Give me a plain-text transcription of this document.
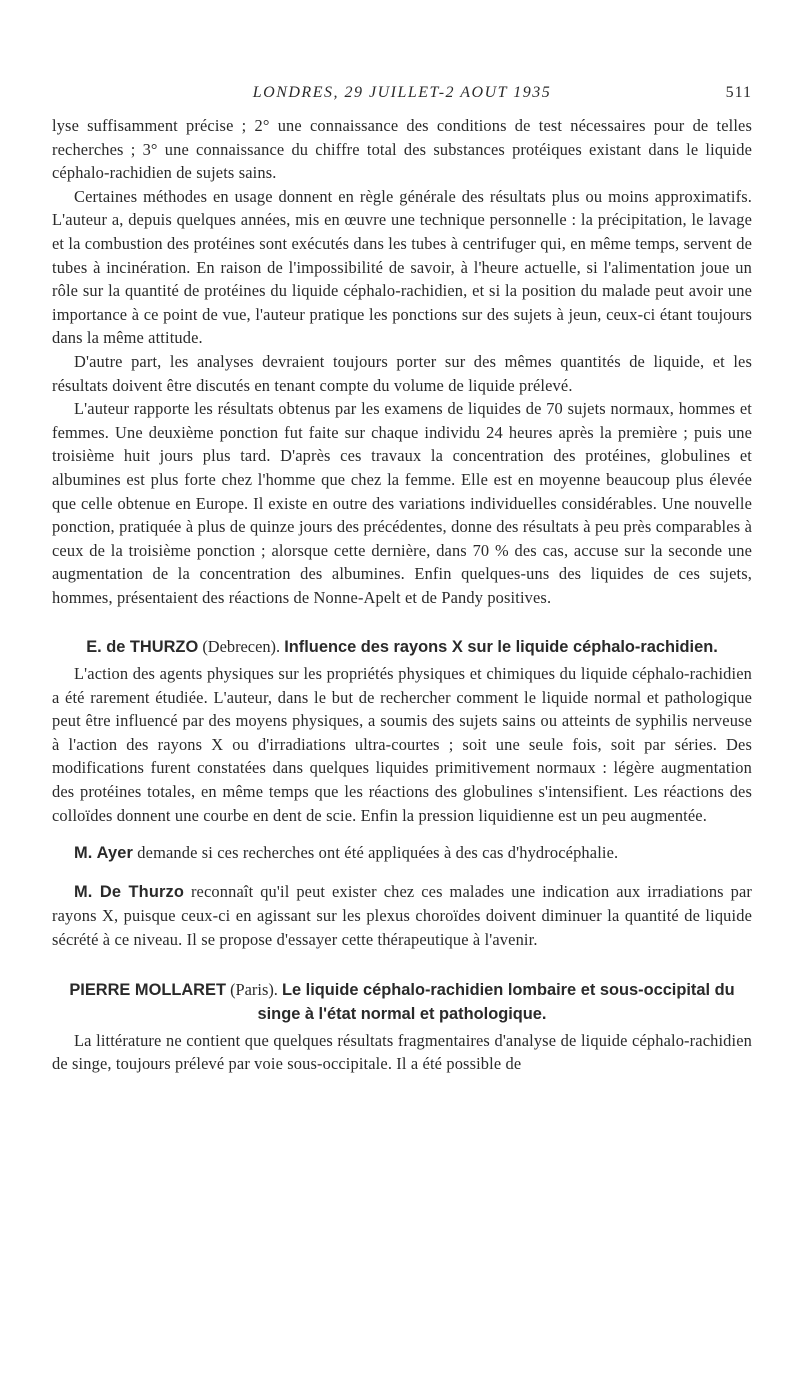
LONDRES, 29 JUILLET-2 AOUT 1935	511

lyse suffisamment précise ; 2° une connaissance des conditions de test nécessaires pour de telles recherches ; 3° une connaissance du chiffre total des substances protéiques existant dans le liquide céphalo-rachidien de sujets sains.

Certaines méthodes en usage donnent en règle générale des résultats plus ou moins approximatifs. L'auteur a, depuis quelques années, mis en œuvre une technique personnelle : la précipitation, le lavage et la combustion des protéines sont exécutés dans les tubes à centrifuger qui, en même temps, servent de tubes à incinération. En raison de l'impossibilité de savoir, à l'heure actuelle, si l'alimentation joue un rôle sur la quantité de protéines du liquide céphalo-rachidien, et si la position du malade peut avoir une importance à ce point de vue, l'auteur pratique les ponctions sur des sujets à jeun, ceux-ci étant toujours dans la même attitude.

D'autre part, les analyses devraient toujours porter sur des mêmes quantités de liquide, et les résultats doivent être discutés en tenant compte du volume de liquide prélevé.

L'auteur rapporte les résultats obtenus par les examens de liquides de 70 sujets normaux, hommes et femmes. Une deuxième ponction fut faite sur chaque individu 24 heures après la première ; puis une troisième huit jours plus tard. D'après ces travaux la concentration des protéines, globulines et albumines est plus forte chez l'homme que chez la femme. Elle est en moyenne beaucoup plus élevée que celle obtenue en Europe. Il existe en outre des variations individuelles considérables. Une nouvelle ponction, pratiquée à plus de quinze jours des précédentes, donne des résultats à peu près comparables à ceux de la troisième ponction ; alorsque cette dernière, dans 70 % des cas, accuse sur la seconde une augmentation de la concentration des albumines. Enfin quelques-uns des liquides de ces sujets, hommes, présentaient des réactions de Nonne-Apelt et de Pandy positives.

E. de THURZO (Debrecen). Influence des rayons X sur le liquide céphalo-rachidien.

L'action des agents physiques sur les propriétés physiques et chimiques du liquide céphalo-rachidien a été rarement étudiée. L'auteur, dans le but de rechercher comment le liquide normal et pathologique peut être influencé par des moyens physiques, a soumis des sujets sains ou atteints de syphilis nerveuse à l'action des rayons X ou d'irradiations ultra-courtes ; soit une seule fois, soit par séries. Des modifications furent constatées dans quelques liquides primitivement normaux : légère augmentation des protéines totales, en même temps que les réactions des globulines s'intensifient. Les réactions des colloïdes donnent une courbe en dent de scie. Enfin la pression liquidienne est un peu augmentée.

M. Ayer demande si ces recherches ont été appliquées à des cas d'hydrocéphalie.

M. De Thurzo reconnaît qu'il peut exister chez ces malades une indication aux irradiations par rayons X, puisque ceux-ci en agissant sur les plexus choroïdes doivent diminuer la quantité de liquide sécrété à ce niveau. Il se propose d'essayer cette thérapeutique à l'avenir.

PIERRE MOLLARET (Paris). Le liquide céphalo-rachidien lombaire et sous-occipital du singe à l'état normal et pathologique.

La littérature ne contient que quelques résultats fragmentaires d'analyse de liquide céphalo-rachidien de singe, toujours prélevé par voie sous-occipitale. Il a été possible de
